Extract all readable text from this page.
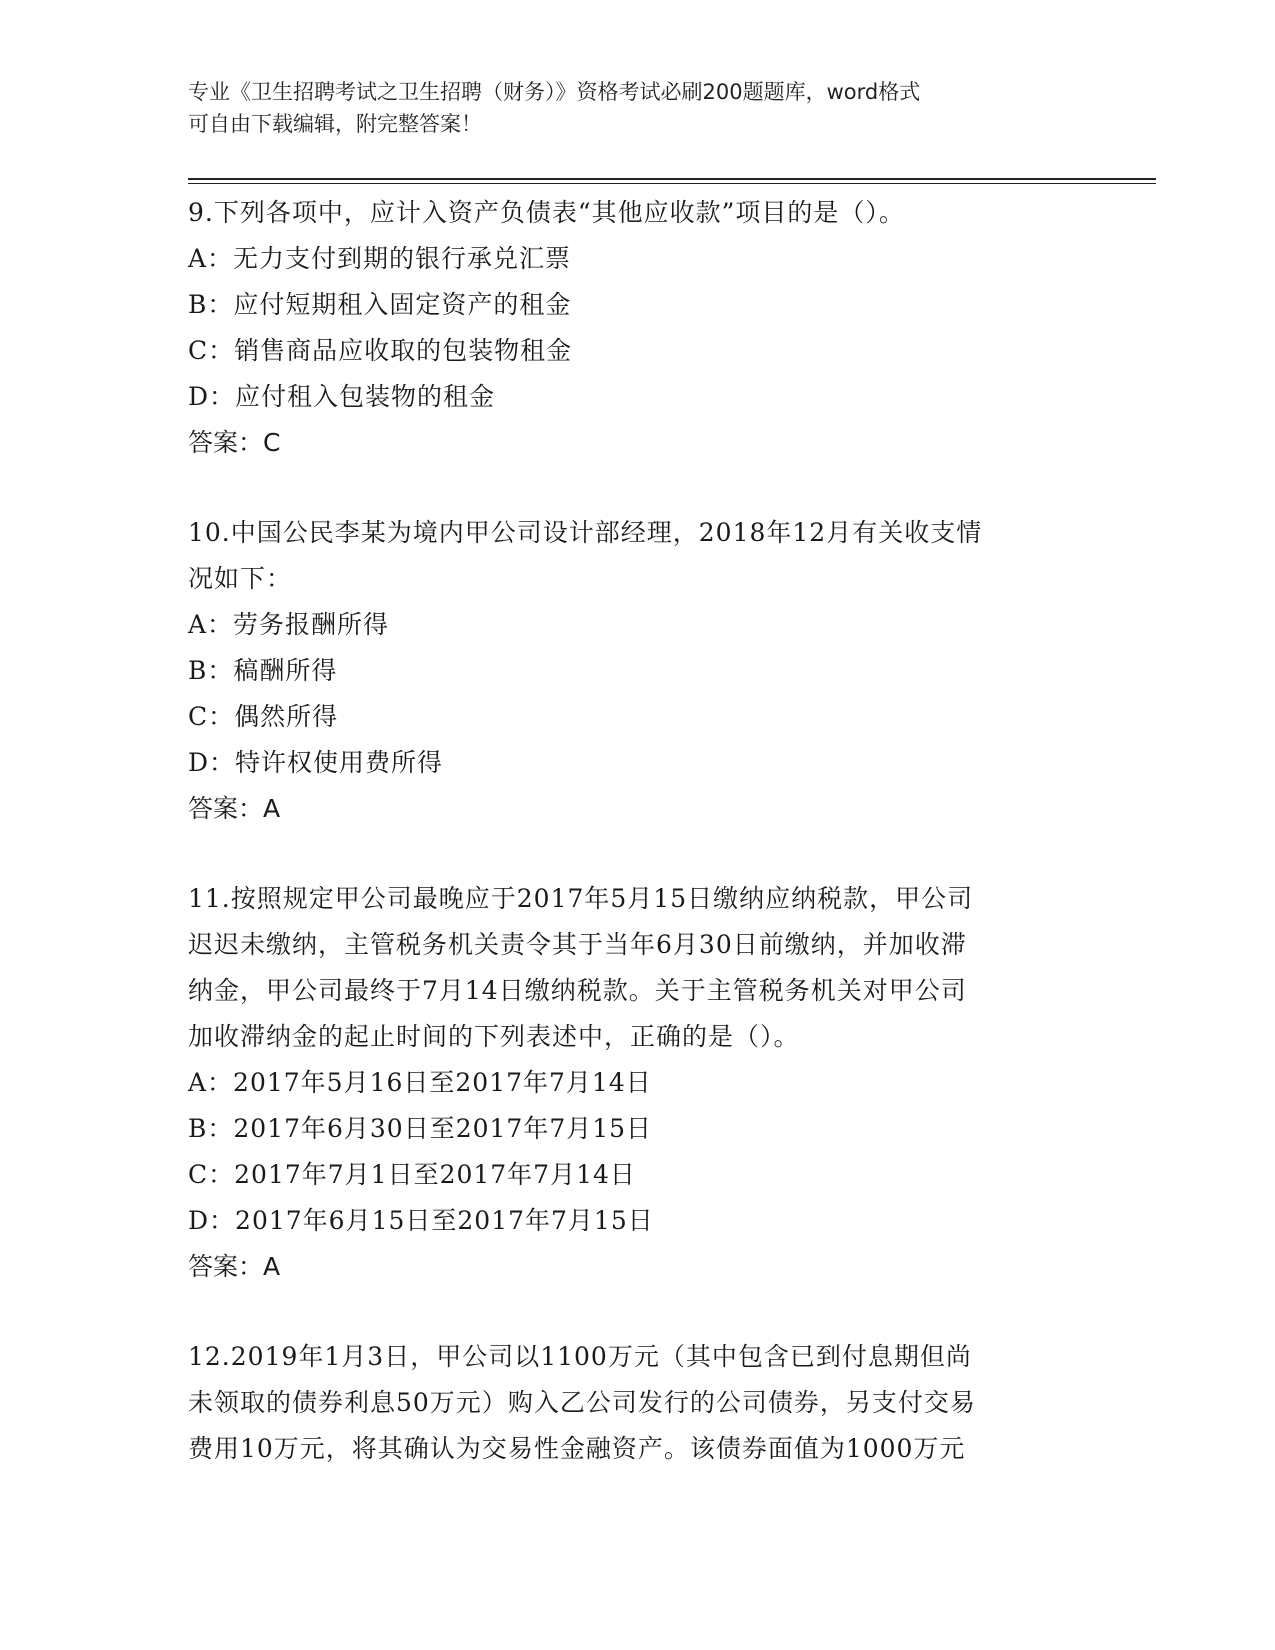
专业《卫生招聘考试之卫生招聘（财务）》资格考试必刷200题题库，word格式
可自由下载编辑，附完整答案！
9.下列各项中，应计入资产负债表“其他应收款”项目的是（）。
A：无力支付到期的银行承兑汇票
B：应付短期租入固定资产的租金
C：销售商品应收取的包装物租金
D：应付租入包装物的租金
答案：C
10.中国公民李某为境内甲公司设计部经理，2018年12月有关收支情
况如下：
A：劳务报酬所得
B：稿酬所得
C：偶然所得
D：特许权使用费所得
答案：A
11.按照规定甲公司最晚应于2017年5月15日缴纳应纳税款，甲公司
迟迟未缴纳，主管税务机关责令其于当年6月30日前缴纳，并加收滞
纳金，甲公司最终于7月14日缴纳税款。关于主管税务机关对甲公司
加收滞纳金的起止时间的下列表述中，正确的是（）。
A：2017年5月16日至2017年7月14日
B：2017年6月30日至2017年7月15日
C：2017年7月1日至2017年7月14日
D：2017年6月15日至2017年7月15日
答案：A
12.2019年1月3日，甲公司以1100万元（其中包含已到付息期但尚
未领取的债券利息50万元）购入乙公司发行的公司债券，另支付交易
费用10万元，将其确认为交易性金融资产。该债券面值为1000万元
